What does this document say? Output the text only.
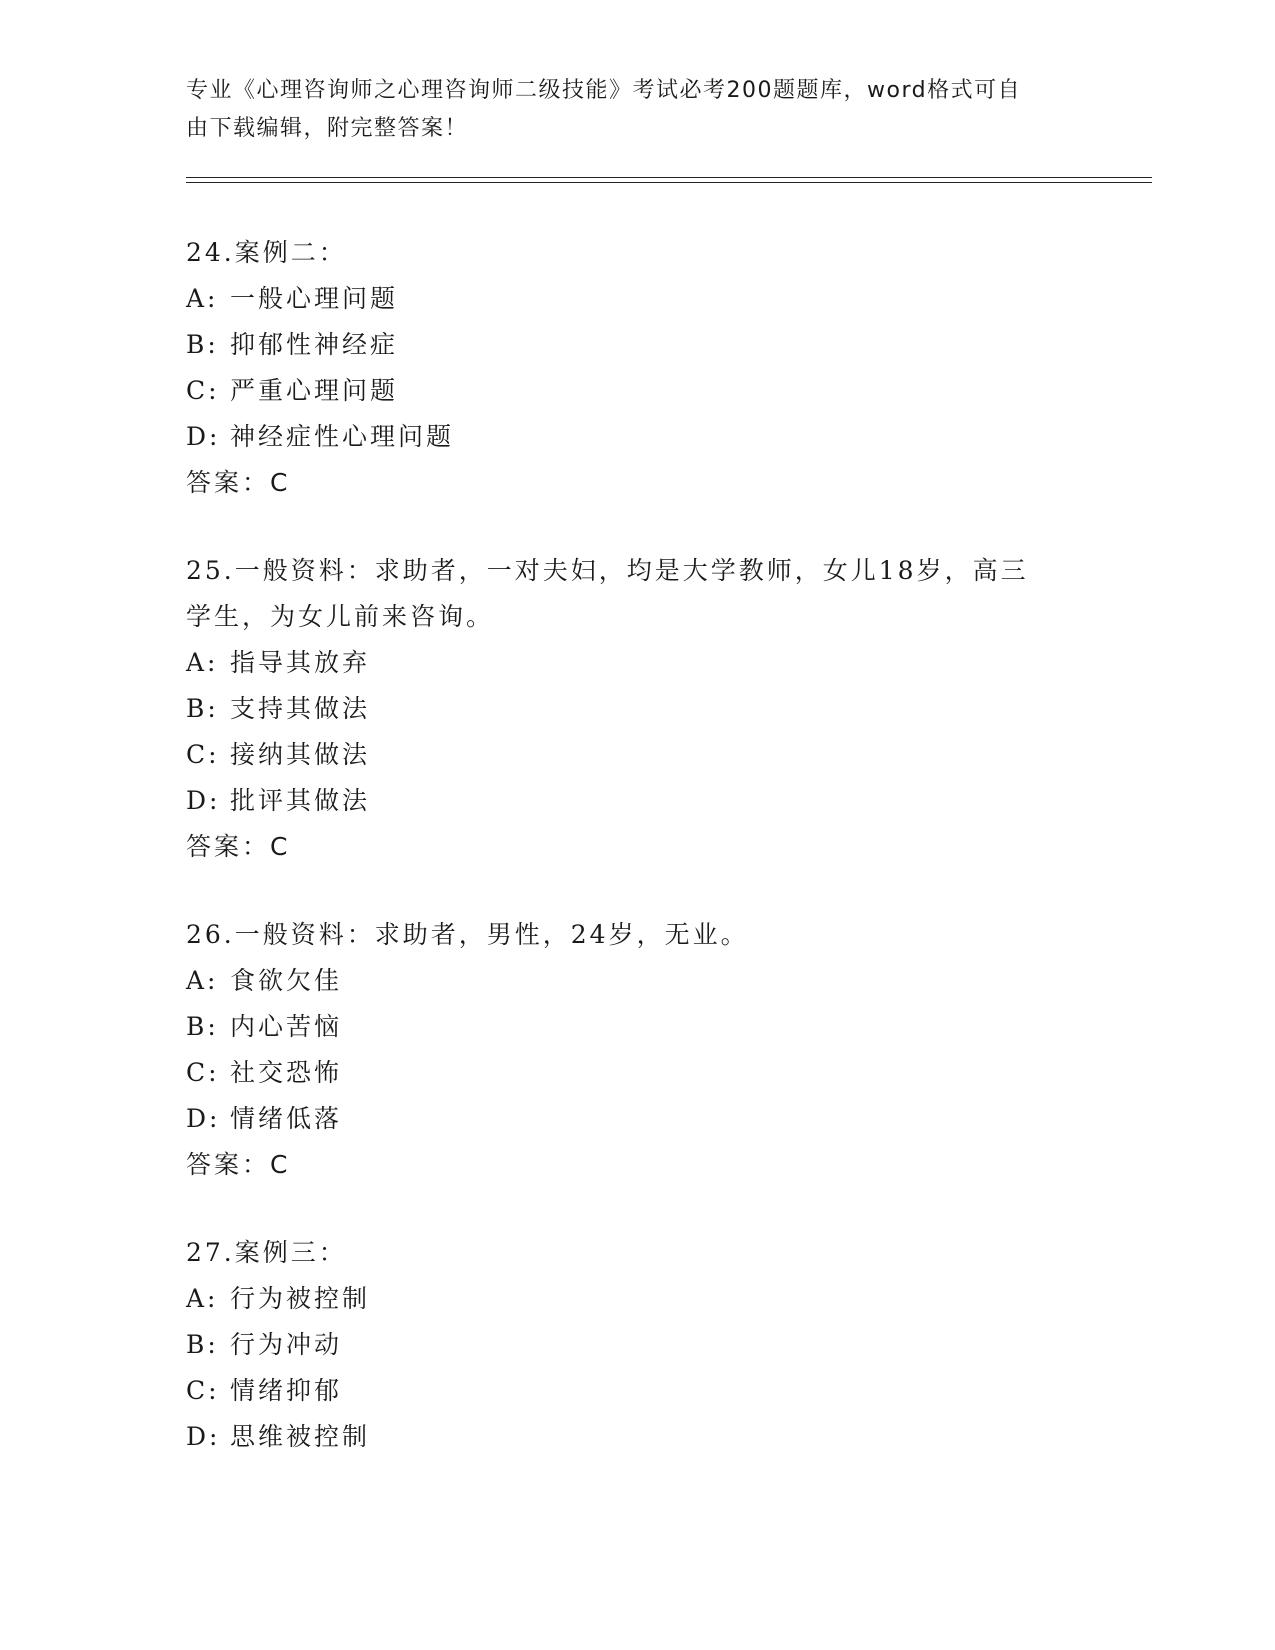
专业《心理咨询师之心理咨询师二级技能》考试必考200题题库，word格式可自
由下载编辑，附完整答案！
24.案例二：
A: 一般心理问题
B: 抑郁性神经症
C: 严重心理问题
D: 神经症性心理问题
答案：C
25.一般资料：求助者，一对夫妇，均是大学教师，女儿18岁，高三
学生，为女儿前来咨询。
A: 指导其放弃
B: 支持其做法
C: 接纳其做法
D: 批评其做法
答案：C
26.一般资料：求助者，男性，24岁，无业。
A: 食欲欠佳
B: 内心苦恼
C: 社交恐怖
D: 情绪低落
答案：C
27.案例三：
A: 行为被控制
B: 行为冲动
C: 情绪抑郁
D: 思维被控制
